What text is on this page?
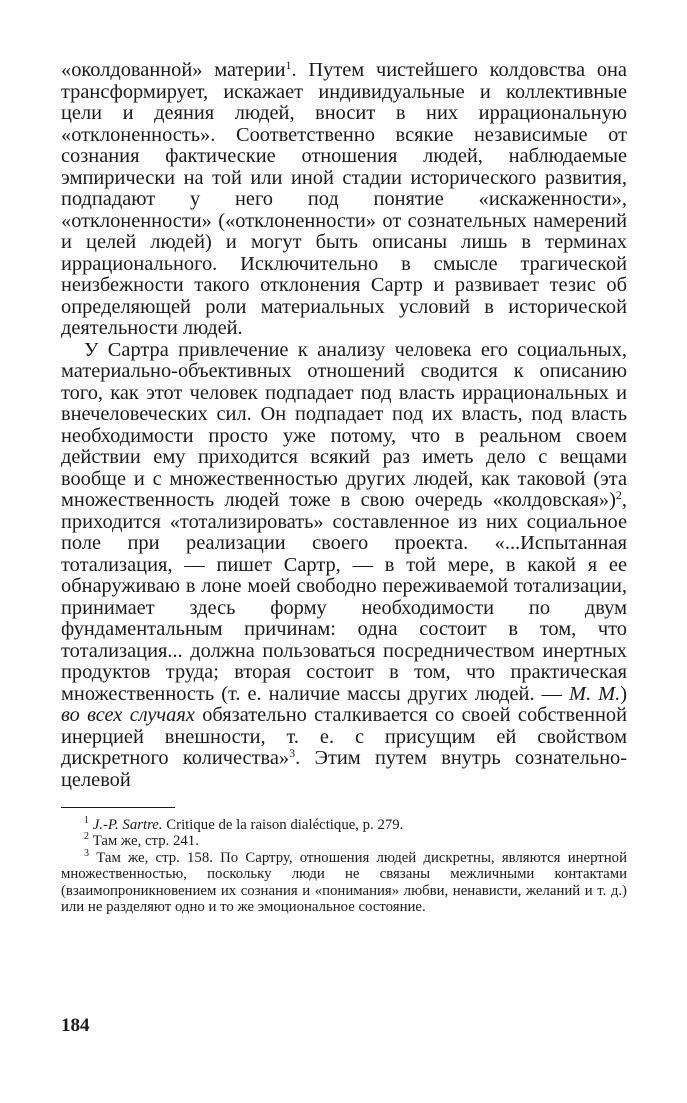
«околдованной» материи$^1$. Путем чистейшего колдовства она трансформирует, искажает индивидуальные и коллективные цели и деяния людей, вносит в них иррациональную «отклоненность». Соответственно всякие независимые от сознания фактические отношения людей, наблюдаемые эмпирически на той или иной стадии исторического развития, подпадают у него под понятие «искаженности», «отклоненности» («отклоненности» от сознательных намерений и целей людей) и могут быть описаны лишь в терминах иррационального. Исключительно в смысле трагической неизбежности такого отклонения Сартр и развивает тезис об определяющей роли материальных условий в исторической деятельности людей.

У Сартра привлечение к анализу человека его социальных, материально-объективных отношений сводится к описанию того, как этот человек подпадает под власть иррациональных и внечеловеческих сил. Он подпадает под их власть, под власть необходимости просто уже потому, что в реальном своем действии ему приходится всякий раз иметь дело с вещами вообще и с множественностью других людей, как таковой (эта множественность людей тоже в свою очередь «колдовская»)$^2$, приходится «тотализировать» составленное из них социальное поле при реализации своего проекта. «...Испытанная тотализация, — пишет Сартр, — в той мере, в какой я ее обнаруживаю в лоне моей свободно переживаемой тотализации, принимает здесь форму необходимости по двум фундаментальным причинам: одна состоит в том, что тотализация... должна пользоваться посредничеством инертных продуктов труда; вторая состоит в том, что практическая множественность (т. е. наличие массы других людей. — М. М.) во всех случаях обязательно сталкивается со своей собственной инерцией внешности, т. е. с присущим ей свойством дискретного количества»$^3$. Этим путем внутрь сознательно-целевой

$^1$ J.-P. Sartre. Critique de la raison dialéctique, p. 279.

$^2$ Там же, стр. 241.

$^3$ Там же, стр. 158. По Сартру, отношения людей дискретны, являются инертной множественностью, поскольку люди не связаны межличными контактами (взаимопроникновением их сознания и «понимания» любви, ненависти, желаний и т. д.) или не разделяют одно и то же эмоциональное состояние.

184
